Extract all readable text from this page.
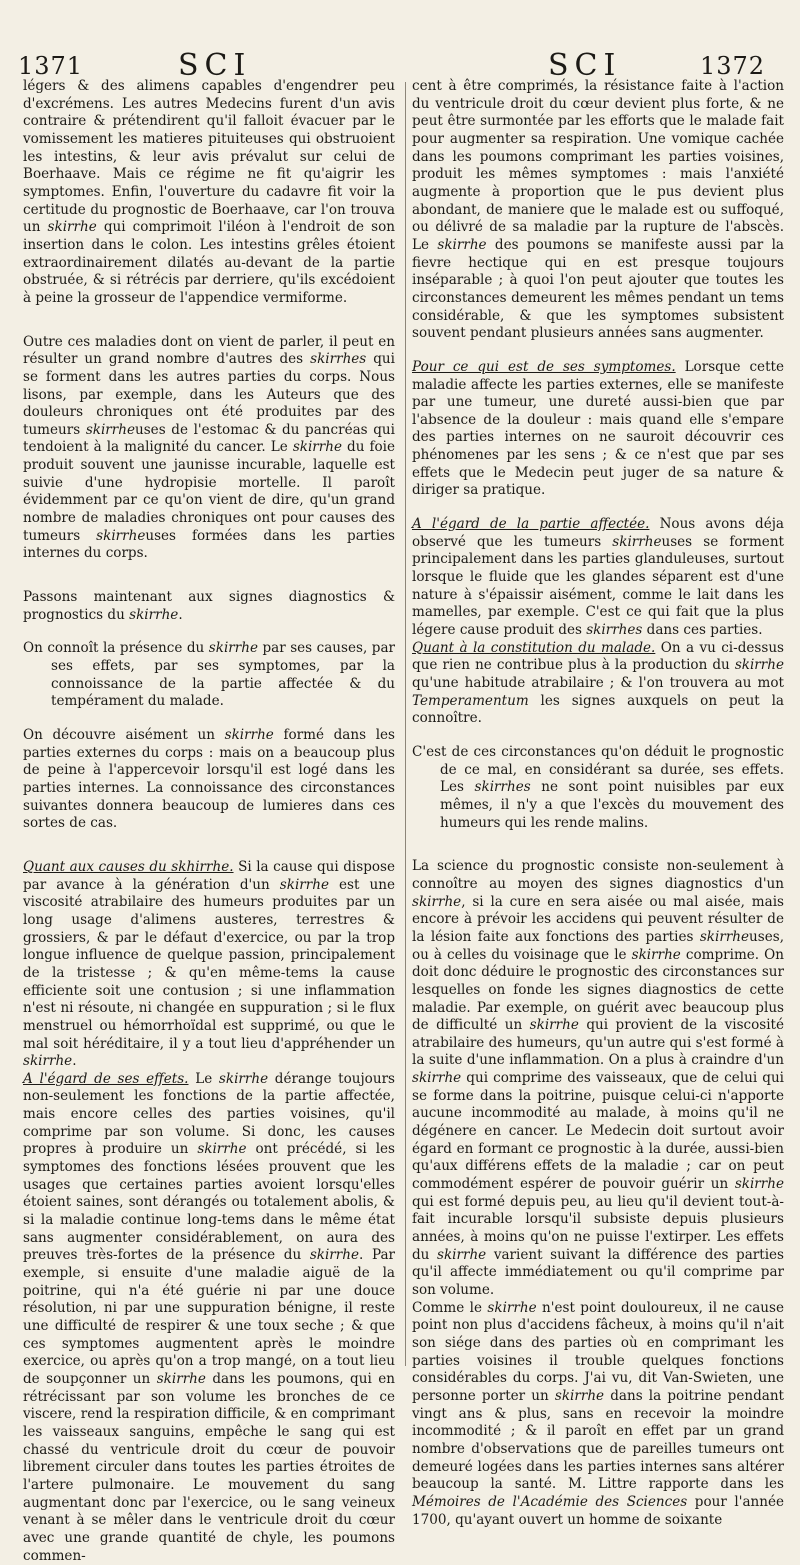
1371	SCI	SCI	1372

légers & des alimens capables d'engendrer peu d'excrémens. Les autres Medecins furent d'un avis contraire & prétendirent qu'il falloit évacuer par le vomissement les matieres pituiteuses qui obstruoient les intestins, & leur avis prévalut sur celui de Boerhaave. Mais ce régime ne fit qu'aigrir les symptomes. Enfin, l'ouverture du cadavre fit voir la certitude du prognostic de Boerhaave, car l'on trouva un skirrhe qui comprimoit l'iléon à l'endroit de son insertion dans le colon. Les intestins grêles étoient extraordinairement dilatés au-devant de la partie obstruée, & si rétrécis par derriere, qu'ils excédoient à peine la grosseur de l'appendice vermiforme.

Outre ces maladies dont on vient de parler, il peut en résulter un grand nombre d'autres des skirrhes qui se forment dans les autres parties du corps. Nous lisons, par exemple, dans les Auteurs que des douleurs chroniques ont été produites par des tumeurs skirrheuses de l'estomac & du pancréas qui tendoient à la malignité du cancer. Le skirrhe du foie produit souvent une jaunisse incurable, laquelle est suivie d'une hydropisie mortelle. Il paroît évidemment par ce qu'on vient de dire, qu'un grand nombre de maladies chroniques ont pour causes des tumeurs skirrheuses formées dans les parties internes du corps.

Passons maintenant aux signes diagnostics & prognostics du skirrhe.

On connoît la présence du skirrhe par ses causes, par ses effets, par ses symptomes, par la connoissance de la partie affectée & du tempérament du malade.

On découvre aisément un skirrhe formé dans les parties externes du corps : mais on a beaucoup plus de peine à l'appercevoir lorsqu'il est logé dans les parties internes. La connoissance des circonstances suivantes donnera beaucoup de lumieres dans ces sortes de cas.

Quant aux causes du skhirrhe. Si la cause qui dispose par avance à la génération d'un skirrhe est une viscosité atrabilaire des humeurs produites par un long usage d'alimens austeres, terrestres & grossiers, & par le défaut d'exercice, ou par la trop longue influence de quelque passion, principalement de la tristesse ; & qu'en même-tems la cause efficiente soit une contusion ; si une inflammation n'est ni résoute, ni changée en suppuration ; si le flux menstruel ou hémorrhoïdal est supprimé, ou que le mal soit héréditaire, il y a tout lieu d'appréhender un skirrhe.

A l'égard de ses effets. Le skirrhe dérange toujours non-seulement les fonctions de la partie affectée, mais encore celles des parties voisines, qu'il comprime par son volume. Si donc, les causes propres à produire un skirrhe ont précédé, si les symptomes des fonctions lésées prouvent que les usages que certaines parties avoient lorsqu'elles étoient saines, sont dérangés ou totalement abolis, & si la maladie continue long-tems dans le même état sans augmenter considérablement, on aura des preuves très-fortes de la présence du skirrhe. Par exemple, si ensuite d'une maladie aiguë de la poitrine, qui n'a été guérie ni par une douce résolution, ni par une suppuration bénigne, il reste une difficulté de respirer & une toux seche ; & que ces symptomes augmentent après le moindre exercice, ou après qu'on a trop mangé, on a tout lieu de soupçonner un skirrhe dans les poumons, qui en rétrécissant par son volume les bronches de ce viscere, rend la respiration difficile, & en comprimant les vaisseaux sanguins, empêche le sang qui est chassé du ventricule droit du cœur de pouvoir librement circuler dans toutes les parties étroites de l'artere pulmonaire. Le mouvement du sang augmentant donc par l'exercice, ou le sang veineux venant à se mêler dans le ventricule droit du cœur avec une grande quantité de chyle, les poumons commen-

cent à être comprimés, la résistance faite à l'action du ventricule droit du cœur devient plus forte, & ne peut être surmontée par les efforts que le malade fait pour augmenter sa respiration. Une vomique cachée dans les poumons comprimant les parties voisines, produit les mêmes symptomes : mais l'anxiété augmente à proportion que le pus devient plus abondant, de maniere que le malade est ou suffoqué, ou délivré de sa maladie par la rupture de l'abscès. Le skirrhe des poumons se manifeste aussi par la fievre hectique qui en est presque toujours inséparable ; à quoi l'on peut ajouter que toutes les circonstances demeurent les mêmes pendant un tems considérable, & que les symptomes subsistent souvent pendant plusieurs années sans augmenter.

Pour ce qui est de ses symptomes. Lorsque cette maladie affecte les parties externes, elle se manifeste par une tumeur, une dureté aussi-bien que par l'absence de la douleur : mais quand elle s'empare des parties internes on ne sauroit découvrir ces phénomenes par les sens ; & ce n'est que par ses effets que le Medecin peut juger de sa nature & diriger sa pratique.

A l'égard de la partie affectée. Nous avons déja observé que les tumeurs skirrheuses se forment principalement dans les parties glanduleuses, surtout lorsque le fluide que les glandes séparent est d'une nature à s'épaissir aisément, comme le lait dans les mamelles, par exemple. C'est ce qui fait que la plus légere cause produit des skirrhes dans ces parties.

Quant à la constitution du malade. On a vu ci-dessus que rien ne contribue plus à la production du skirrhe qu'une habitude atrabilaire ; & l'on trouvera au mot Temperamentum les signes auxquels on peut la connoître.

C'est de ces circonstances qu'on déduit le prognostic de ce mal, en considérant sa durée, ses effets. Les skirrhes ne sont point nuisibles par eux mêmes, il n'y a que l'excès du mouvement des humeurs qui les rende malins.

La science du prognostic consiste non-seulement à connoître au moyen des signes diagnostics d'un skirrhe, si la cure en sera aisée ou mal aisée, mais encore à prévoir les accidens qui peuvent résulter de la lésion faite aux fonctions des parties skirrheuses, ou à celles du voisinage que le skirrhe comprime. On doit donc déduire le prognostic des circonstances sur lesquelles on fonde les signes diagnostics de cette maladie. Par exemple, on guérit avec beaucoup plus de difficulté un skirrhe qui provient de la viscosité atrabilaire des humeurs, qu'un autre qui s'est formé à la suite d'une inflammation. On a plus à craindre d'un skirrhe qui comprime des vaisseaux, que de celui qui se forme dans la poitrine, puisque celui-ci n'apporte aucune incommodité au malade, à moins qu'il ne dégénere en cancer. Le Medecin doit surtout avoir égard en formant ce prognostic à la durée, aussi-bien qu'aux différens effets de la maladie ; car on peut commodément espérer de pouvoir guérir un skirrhe qui est formé depuis peu, au lieu qu'il devient tout-à-fait incurable lorsqu'il subsiste depuis plusieurs années, à moins qu'on ne puisse l'extirper. Les effets du skirrhe varient suivant la différence des parties qu'il affecte immédiatement ou qu'il comprime par son volume.

Comme le skirrhe n'est point douloureux, il ne cause point non plus d'accidens fâcheux, à moins qu'il n'ait son siége dans des parties où en comprimant les parties voisines il trouble quelques fonctions considérables du corps. J'ai vu, dit Van-Swieten, une personne porter un skirrhe dans la poitrine pendant vingt ans & plus, sans en recevoir la moindre incommodité ; & il paroît en effet par un grand nombre d'observations que de pareilles tumeurs ont demeuré logées dans les parties internes sans altérer beaucoup la santé. M. Littre rapporte dans les Mémoires de l'Académie des Sciences pour l'année 1700, qu'ayant ouvert un homme de soixante
